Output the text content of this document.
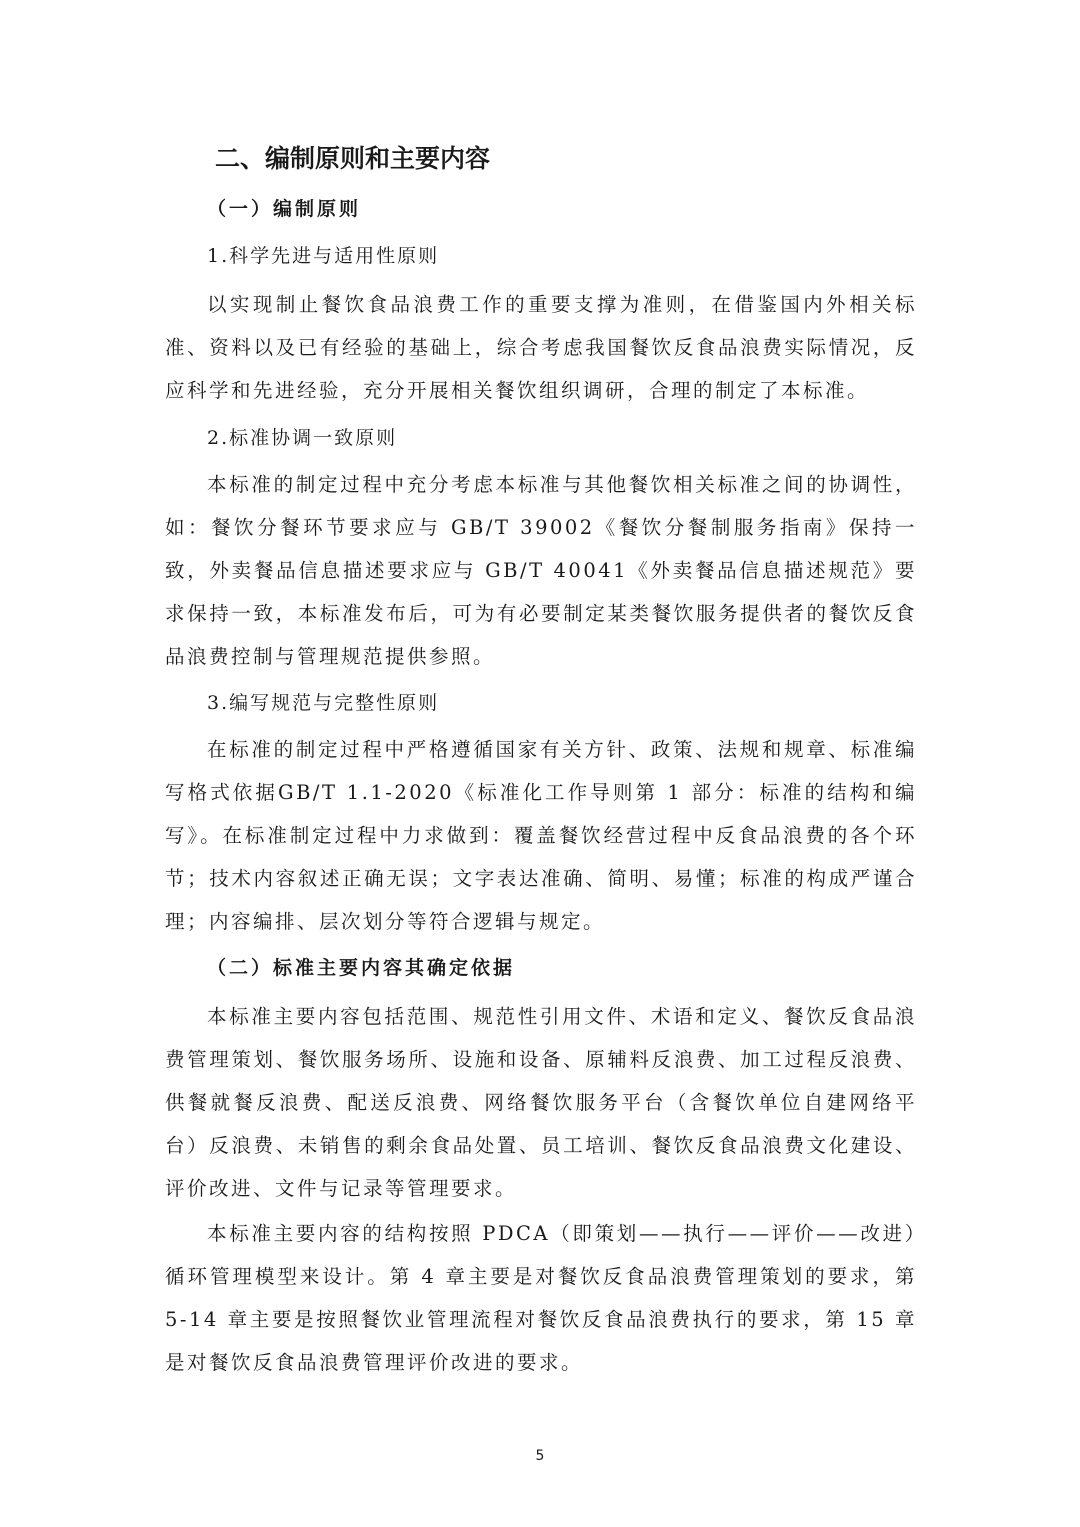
二、编制原则和主要内容
（一）编制原则
1.科学先进与适用性原则

以实现制止餐饮食品浪费工作的重要支撑为准则，在借鉴国内外相关标准、资料以及已有经验的基础上，综合考虑我国餐饮反食品浪费实际情况，反应科学和先进经验，充分开展相关餐饮组织调研，合理的制定了本标准。

2.标准协调一致原则

本标准的制定过程中充分考虑本标准与其他餐饮相关标准之间的协调性，如：餐饮分餐环节要求应与 GB/T 39002《餐饮分餐制服务指南》保持一致，外卖餐品信息描述要求应与 GB/T 40041《外卖餐品信息描述规范》要求保持一致，本标准发布后，可为有必要制定某类餐饮服务提供者的餐饮反食品浪费控制与管理规范提供参照。

3.编写规范与完整性原则

在标准的制定过程中严格遵循国家有关方针、政策、法规和规章、标准编写格式依据GB/T 1.1-2020《标准化工作导则第 1 部分：标准的结构和编写》。在标准制定过程中力求做到：覆盖餐饮经营过程中反食品浪费的各个环节；技术内容叙述正确无误；文字表达准确、简明、易懂；标准的构成严谨合理；内容编排、层次划分等符合逻辑与规定。

（二）标准主要内容其确定依据

本标准主要内容包括范围、规范性引用文件、术语和定义、餐饮反食品浪费管理策划、餐饮服务场所、设施和设备、原辅料反浪费、加工过程反浪费、供餐就餐反浪费、配送反浪费、网络餐饮服务平台（含餐饮单位自建网络平台）反浪费、未销售的剩余食品处置、员工培训、餐饮反食品浪费文化建设、评价改进、文件与记录等管理要求。

本标准主要内容的结构按照 PDCA（即策划——执行——评价——改进）循环管理模型来设计。第 4 章主要是对餐饮反食品浪费管理策划的要求，第 5-14 章主要是按照餐饮业管理流程对餐饮反食品浪费执行的要求，第 15 章是对餐饮反食品浪费管理评价改进的要求。

5
